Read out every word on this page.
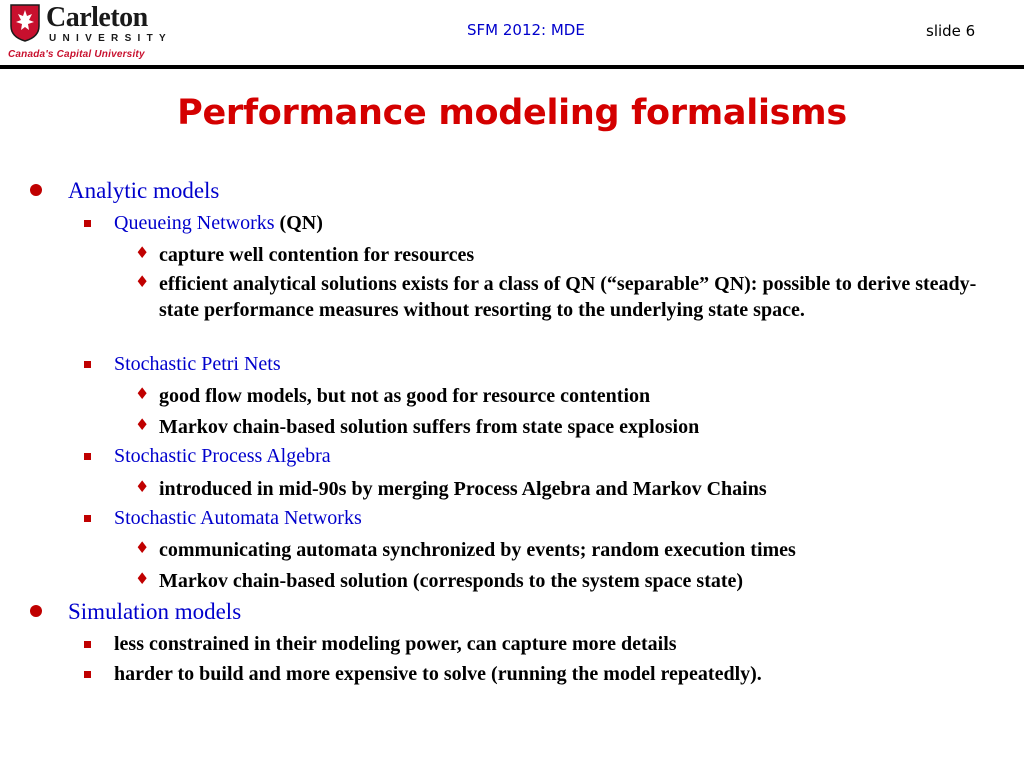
Carleton
UNIVERSITY
Canada's Capital University
SFM 2012: MDE	slide 6
Performance modeling formalisms
Analytic models
Queueing Networks (QN)
♦ capture well contention for resources
♦ efficient analytical solutions exists for a class of QN (“separable” QN): possible to derive steady-state performance measures without resorting to the underlying state space.
Stochastic Petri Nets
♦ good flow models, but not as good for resource contention
♦ Markov chain-based solution suffers from state space explosion
Stochastic Process Algebra
♦ introduced in mid-90s by merging Process Algebra and Markov Chains
Stochastic Automata Networks
♦ communicating automata synchronized by events; random execution times
♦ Markov chain-based solution (corresponds to the system space state)
Simulation models
less constrained in their modeling power, can capture more details
harder to build and more expensive to solve (running the model repeatedly).
